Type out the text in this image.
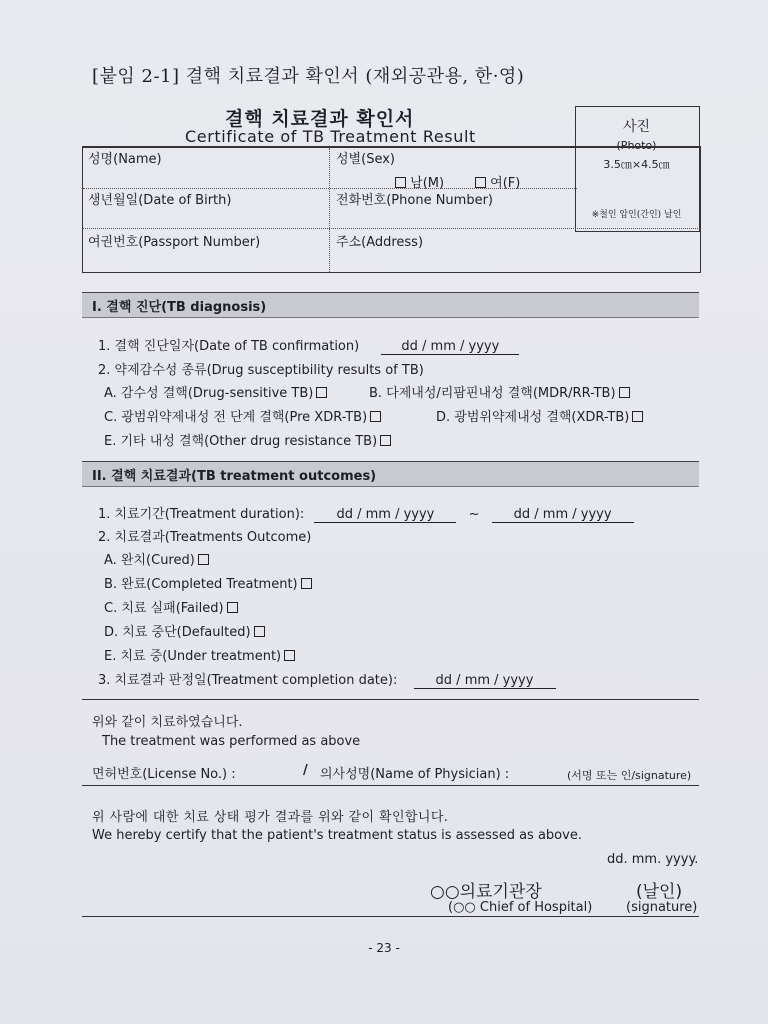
[붙임 2-1] 결핵 치료결과 확인서 (재외공관용, 한·영)
결핵 치료결과 확인서
Certificate of TB Treatment Result	사진
(Photo)
3.5㎝×4.5㎝
※철인 압인(간인) 날인
성명(Name)	성별(Sex)
남(M)	여(F)
생년월일(Date of Birth)	전화번호(Phone Number)
여권번호(Passport Number)	주소(Address)
I. 결핵 진단(TB diagnosis)
1. 결핵 진단일자(Date of TB confirmation)	dd / mm / yyyy
2. 약제감수성 종류(Drug susceptibility results of TB)
A. 감수성 결핵(Drug-sensitive TB)	B. 다제내성/리팜핀내성 결핵(MDR/RR-TB)
C. 광범위약제내성 전 단계 결핵(Pre XDR-TB)	D. 광범위약제내성 결핵(XDR-TB)
E. 기타 내성 결핵(Other drug resistance TB)
II. 결핵 치료결과(TB treatment outcomes)
1. 치료기간(Treatment duration): dd / mm / yyyy	~	dd / mm / yyyy
2. 치료결과(Treatments Outcome)
A. 완치(Cured)
B. 완료(Completed Treatment)
C. 치료 실패(Failed)
D. 치료 중단(Defaulted)
E. 치료 중(Under treatment)
3. 치료결과 판정일(Treatment completion date):	dd / mm / yyyy
위와 같이 치료하였습니다.
The treatment was performed as above
면허번호(License No.) :	/ 의사성명(Name of Physician) :	(서명 또는 인/signature)
위 사람에 대한 치료 상태 평가 결과를 위와 같이 확인합니다.
We hereby certify that the patient's treatment status is assessed as above.
dd. mm. yyyy.
○○의료기관장	(날인)
(○○ Chief of Hospital)	(signature)
- 23 -
